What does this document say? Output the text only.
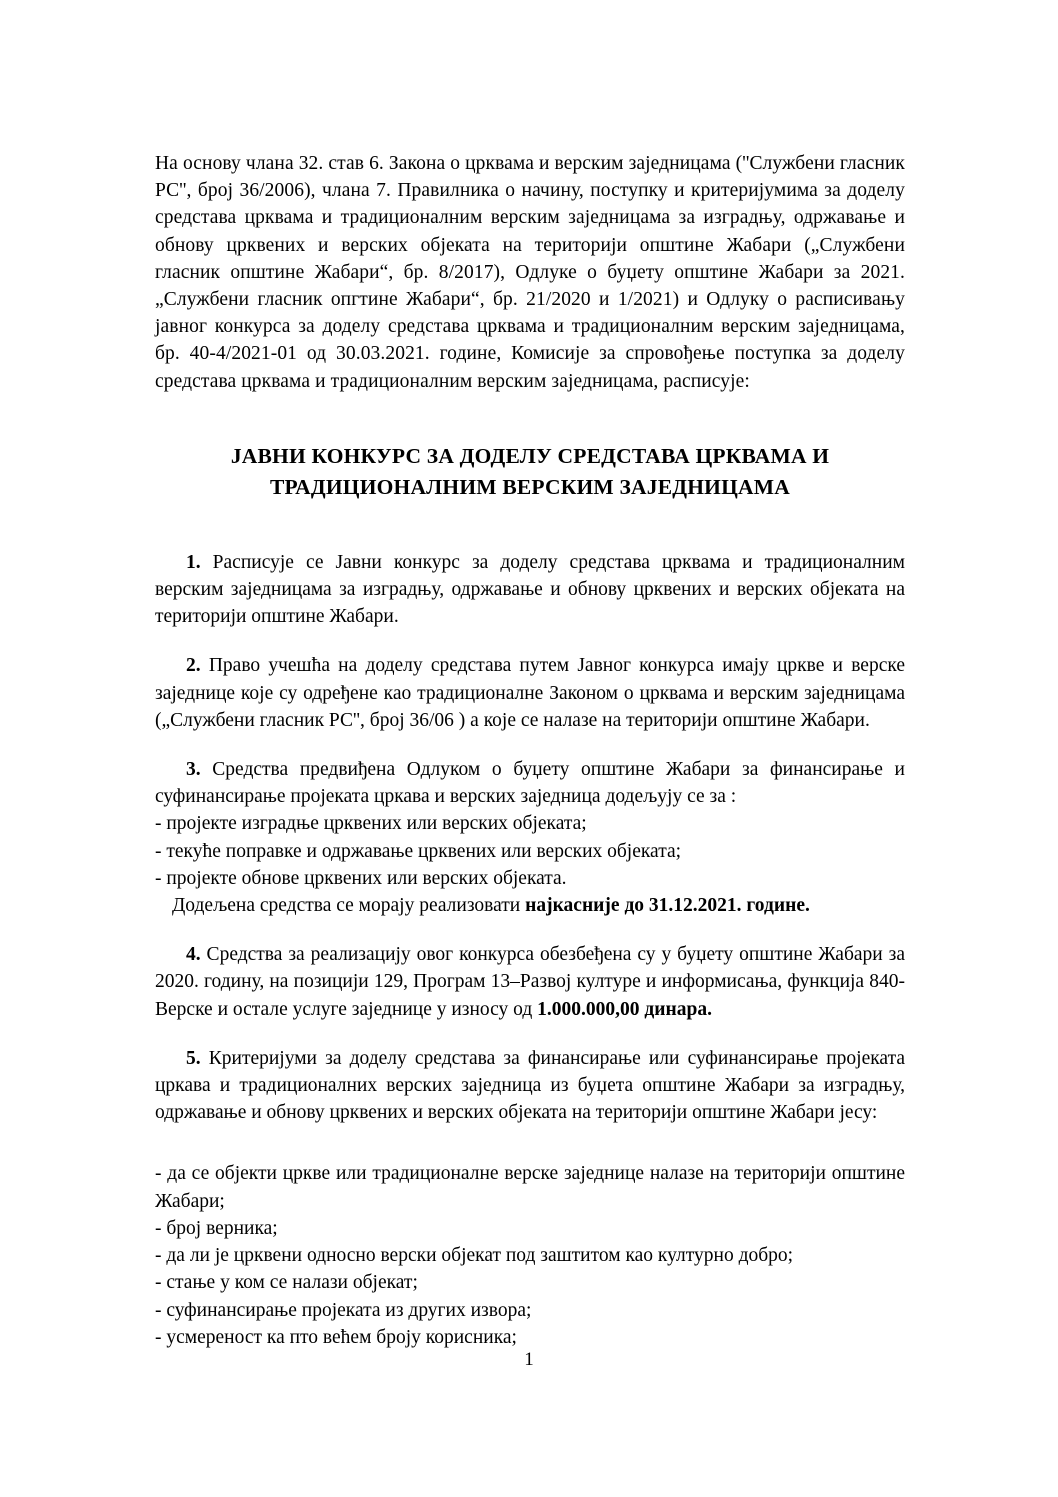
На основу члана 32. став 6. Закона о црквама и верским заједницама (''Службени гласник РС'', број 36/2006), члана 7. Правилника о начину, поступку и критеријумима за доделу средстава црквама и традиционалним верским заједницама за изградњу, одржавање и обнову црквених и верских објеката на територији општине Жабари („Службени гласник општине Жабари“, бр. 8/2017), Одлуке о буџету општине Жабари за 2021. „Службени гласник опгтине Жабари“, бр. 21/2020 и 1/2021) и Одлуку о расписивању јавног конкурса за доделу средстава црквама и традиционалним верским заједницама, бр. 40-4/2021-01 од 30.03.2021. године, Комисије за спровођење поступка за доделу средстава црквама и традиционалним верским заједницама, расписује:

ЈАВНИ КОНКУРС ЗА ДОДЕЛУ СРЕДСТАВА ЦРКВАМА И
ТРАДИЦИОНАЛНИМ ВЕРСКИМ ЗАЈЕДНИЦАМА

1. Расписује се Јавни конкурс за доделу средстава црквама и традиционалним верским заједницама за изградњу, одржавање и обнову црквених и верских објеката на територији општине Жабари.

2. Право учешћа на доделу средстава путем Јавног конкурса имају цркве и верске заједнице које су одређене као традиционалне Законом о црквама и верским заједницама („Службени гласник РС'', број 36/06 ) а које се налазе на територији општине Жабари.

3. Средства предвиђена Одлуком о буџету општине Жабари за финансирање и суфинансирање пројеката цркава и верских заједница додељују се за :

- пројекте изградње црквених или верских објеката;

- текуће поправке и одржавање црквених или верских објеката;

- пројекте обнове црквених или верских објеката.

Додељена средства се морају реализовати најкасније до 31.12.2021. године.

4. Средства за реализацију овог конкурса обезбеђена су у буџету општине Жабари за 2020. годину, на позицији 129, Програм 13–Развој културе и информисања, функција 840-Верске и остале услуге заједнице у износу од 1.000.000,00 динара.

5. Критеријуми за доделу средстава за финансирање или суфинансирање пројеката цркава и традиционалних верских заједница из буџета општине Жабари за изградњу, одржавање и обнову црквених и верских објеката на територији општине Жабари јесу:

- да се објекти цркве или традиционалне верске заједнице налазе на територији општине Жабари;

- број верника;

- да ли је црквени односно верски објекат под заштитом као културно добро;

- стање у ком се налази објекат;

- суфинансирање пројеката из других извора;

- усмереност ка пто већем броју корисника;

1
